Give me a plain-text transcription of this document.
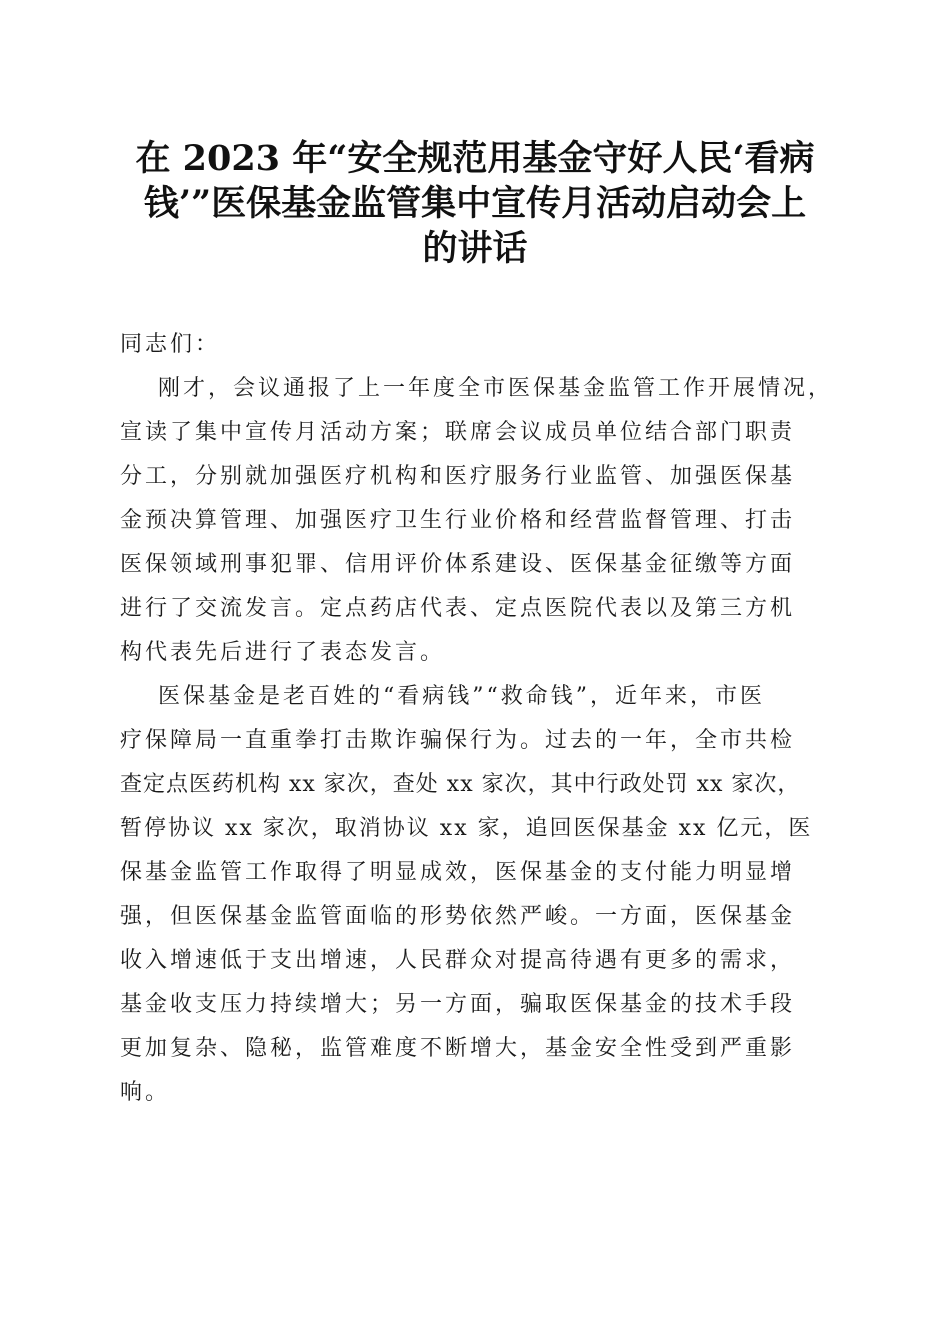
在 2023 年“安全规范用基金守好人民‘看病
钱’”医保基金监管集中宣传月活动启动会上
的讲话
同志们：
刚才，会议通报了上一年度全市医保基金监管工作开展情况，
宣读了集中宣传月活动方案；联席会议成员单位结合部门职责
分工，分别就加强医疗机构和医疗服务行业监管、加强医保基
金预决算管理、加强医疗卫生行业价格和经营监督管理、打击
医保领域刑事犯罪、信用评价体系建设、医保基金征缴等方面
进行了交流发言。定点药店代表、定点医院代表以及第三方机
构代表先后进行了表态发言。
医保基金是老百姓的“看病钱”“救命钱”，近年来，市医
疗保障局一直重拳打击欺诈骗保行为。过去的一年，全市共检
查定点医药机构 xx 家次，查处 xx 家次，其中行政处罚 xx 家次，
暂停协议 xx 家次，取消协议 xx 家，追回医保基金 xx 亿元，医
保基金监管工作取得了明显成效，医保基金的支付能力明显增
强，但医保基金监管面临的形势依然严峻。一方面，医保基金
收入增速低于支出增速，人民群众对提高待遇有更多的需求，
基金收支压力持续增大；另一方面，骗取医保基金的技术手段
更加复杂、隐秘，监管难度不断增大，基金安全性受到严重影
响。
